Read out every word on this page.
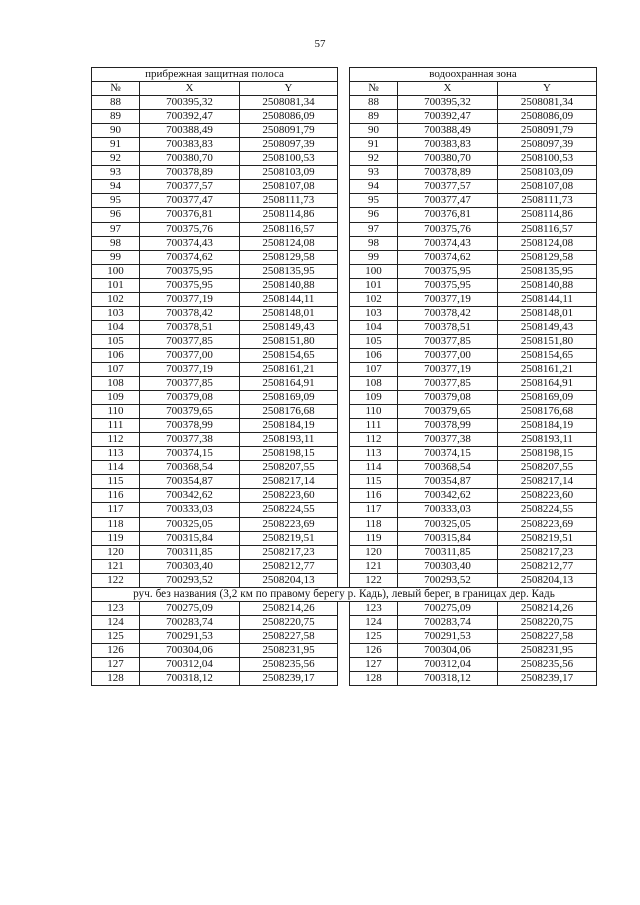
57
прибрежная защитная полоса				водоохранная зона		
№	X	Y		№	X	Y
88	700395,32	2508081,34		88	700395,32	2508081,34
89	700392,47	2508086,09		89	700392,47	2508086,09
90	700388,49	2508091,79		90	700388,49	2508091,79
91	700383,83	2508097,39		91	700383,83	2508097,39
92	700380,70	2508100,53		92	700380,70	2508100,53
93	700378,89	2508103,09		93	700378,89	2508103,09
94	700377,57	2508107,08		94	700377,57	2508107,08
95	700377,47	2508111,73		95	700377,47	2508111,73
96	700376,81	2508114,86		96	700376,81	2508114,86
97	700375,76	2508116,57		97	700375,76	2508116,57
98	700374,43	2508124,08		98	700374,43	2508124,08
99	700374,62	2508129,58		99	700374,62	2508129,58
100	700375,95	2508135,95		100	700375,95	2508135,95
101	700375,95	2508140,88		101	700375,95	2508140,88
102	700377,19	2508144,11		102	700377,19	2508144,11
103	700378,42	2508148,01		103	700378,42	2508148,01
104	700378,51	2508149,43		104	700378,51	2508149,43
105	700377,85	2508151,80		105	700377,85	2508151,80
106	700377,00	2508154,65		106	700377,00	2508154,65
107	700377,19	2508161,21		107	700377,19	2508161,21
108	700377,85	2508164,91		108	700377,85	2508164,91
109	700379,08	2508169,09		109	700379,08	2508169,09
110	700379,65	2508176,68		110	700379,65	2508176,68
111	700378,99	2508184,19		111	700378,99	2508184,19
112	700377,38	2508193,11		112	700377,38	2508193,11
113	700374,15	2508198,15		113	700374,15	2508198,15
114	700368,54	2508207,55		114	700368,54	2508207,55
115	700354,87	2508217,14		115	700354,87	2508217,14
116	700342,62	2508223,60		116	700342,62	2508223,60
117	700333,03	2508224,55		117	700333,03	2508224,55
118	700325,05	2508223,69		118	700325,05	2508223,69
119	700315,84	2508219,51		119	700315,84	2508219,51
120	700311,85	2508217,23		120	700311,85	2508217,23
121	700303,40	2508212,77		121	700303,40	2508212,77
122	700293,52	2508204,13		122	700293,52	2508204,13
руч. без названия (3,2 км по правому берегу р. Кадь), левый берег, в границах дер. Кадь						
123	700275,09	2508214,26		123	700275,09	2508214,26
124	700283,74	2508220,75		124	700283,74	2508220,75
125	700291,53	2508227,58		125	700291,53	2508227,58
126	700304,06	2508231,95		126	700304,06	2508231,95
127	700312,04	2508235,56		127	700312,04	2508235,56
128	700318,12	2508239,17		128	700318,12	2508239,17
